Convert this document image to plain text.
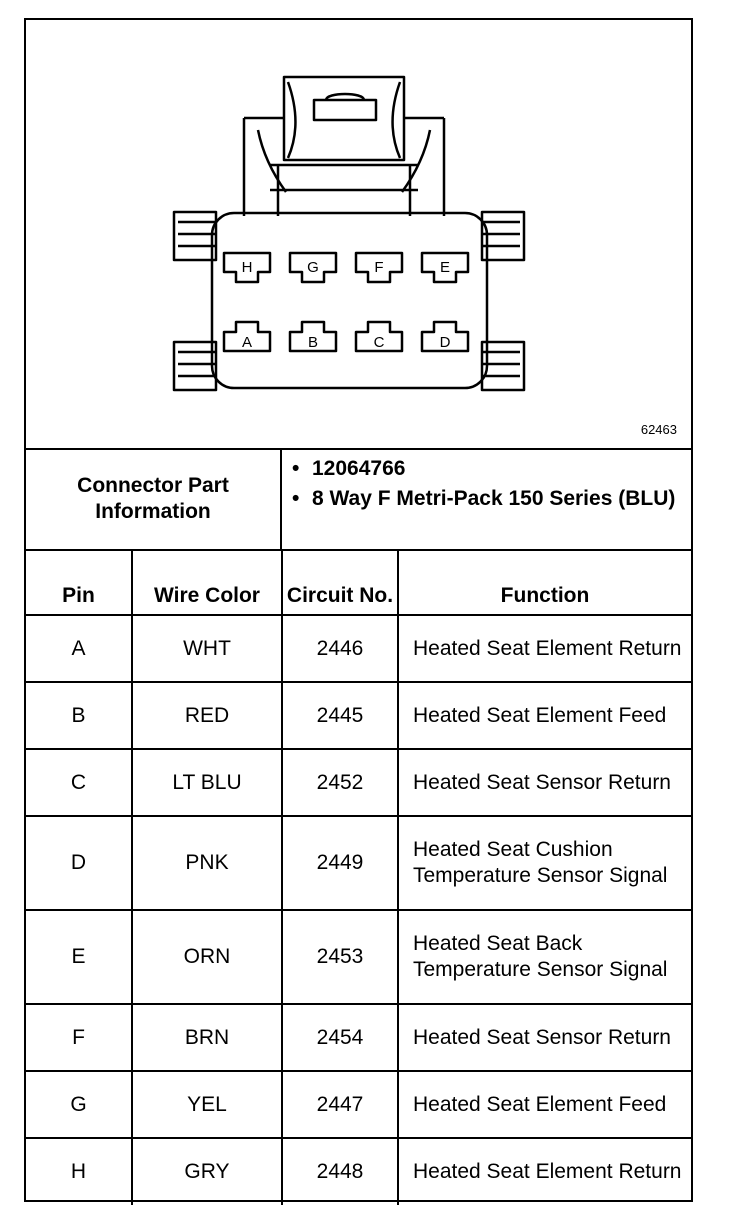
H	G	F	E
A	B	C	D
62463
Connector Part Information
• 12064766
• 8 Way F Metri-Pack 150 Series (BLU)
Pin	Wire Color	Circuit No.	Function
A	WHT	2446	Heated Seat Element Return
B	RED	2445	Heated Seat Element Feed
C	LT BLU	2452	Heated Seat Sensor Return
D	PNK	2449	Heated Seat Cushion Temperature Sensor Signal
E	ORN	2453	Heated Seat Back Temperature Sensor Signal
F	BRN	2454	Heated Seat Sensor Return
G	YEL	2447	Heated Seat Element Feed
H	GRY	2448	Heated Seat Element Return
